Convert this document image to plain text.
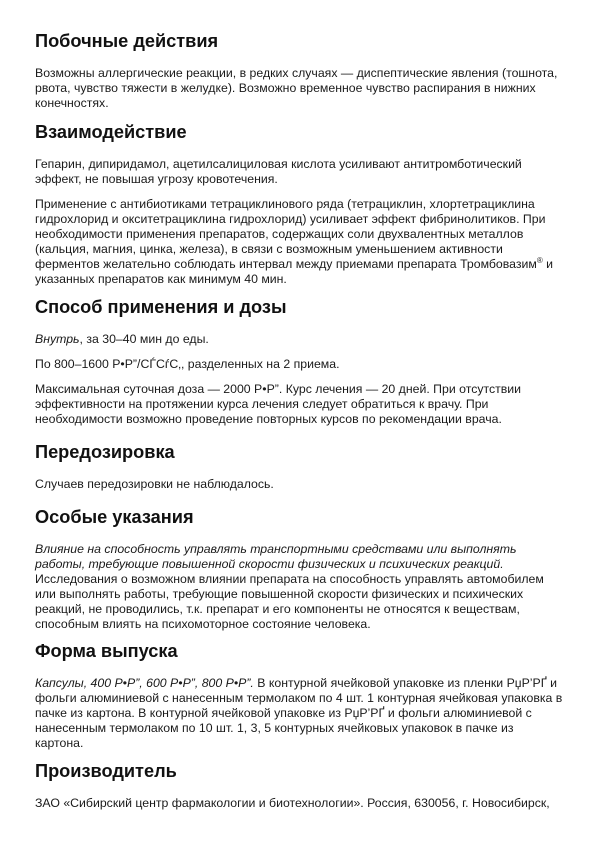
Побочные действия

Возможны аллергические реакции, в редких случаях — диспептические явления (тошнота, рвота, чувство тяжести в желудке). Возможно временное чувство распирания в нижних конечностях.

Взаимодействие

Гепарин, дипиридамол, ацетилсалициловая кислота усиливают антитромботический эффект, не повышая угрозу кровотечения.

Применение с антибиотиками тетрациклинового ряда (тетрациклин, хлортетрациклина гидрохлорид и окситетрациклина гидрохлорид) усиливает эффект фибринолитиков. При необходимости применения препаратов, содержащих соли двухвалентных металлов (кальция, магния, цинка, железа), в связи с возможным уменьшением активности ферментов желательно соблюдать интервал между приемами препарата Тромбовазим® и указанных препаратов как минимум 40 мин.

Способ применения и дозы

Внутрь, за 30–40 мин до еды.

По 800–1600 Р•Р”/СЃСѓС‚, разделенных на 2 приема.

Максимальная суточная доза — 2000 Р•Р”. Курс лечения — 20 дней. При отсутствии эффективности на протяжении курса лечения следует обратиться к врачу. При необходимости возможно проведение повторных курсов по рекомендации врача.

Передозировка

Случаев передозировки не наблюдалось.

Особые указания

Влияние на способность управлять транспортными средствами или выполнять работы, требующие повышенной скорости физических и психических реакций. Исследования о возможном влиянии препарата на способность управлять автомобилем или выполнять работы, требующие повышенной скорости физических и психических реакций, не проводились, т.к. препарат и его компоненты не относятся к веществам, способным влиять на психомоторное состояние человека.

Форма выпуска

Капсулы, 400 Р•Р”, 600 Р•Р”, 800 Р•Р”. В контурной ячейковой упаковке из пленки РџР’РҐ и фольги алюминиевой с нанесенным термолаком по 4 шт. 1 контурная ячейковая упаковка в пачке из картона. В контурной ячейковой упаковке из РџР’РҐ и фольги алюминиевой с нанесенным термолаком по 10 шт. 1, 3, 5 контурных ячейковых упаковок в пачке из картона.

Производитель

ЗАО «Сибирский центр фармакологии и биотехнологии». Россия, 630056, г. Новосибирск,
